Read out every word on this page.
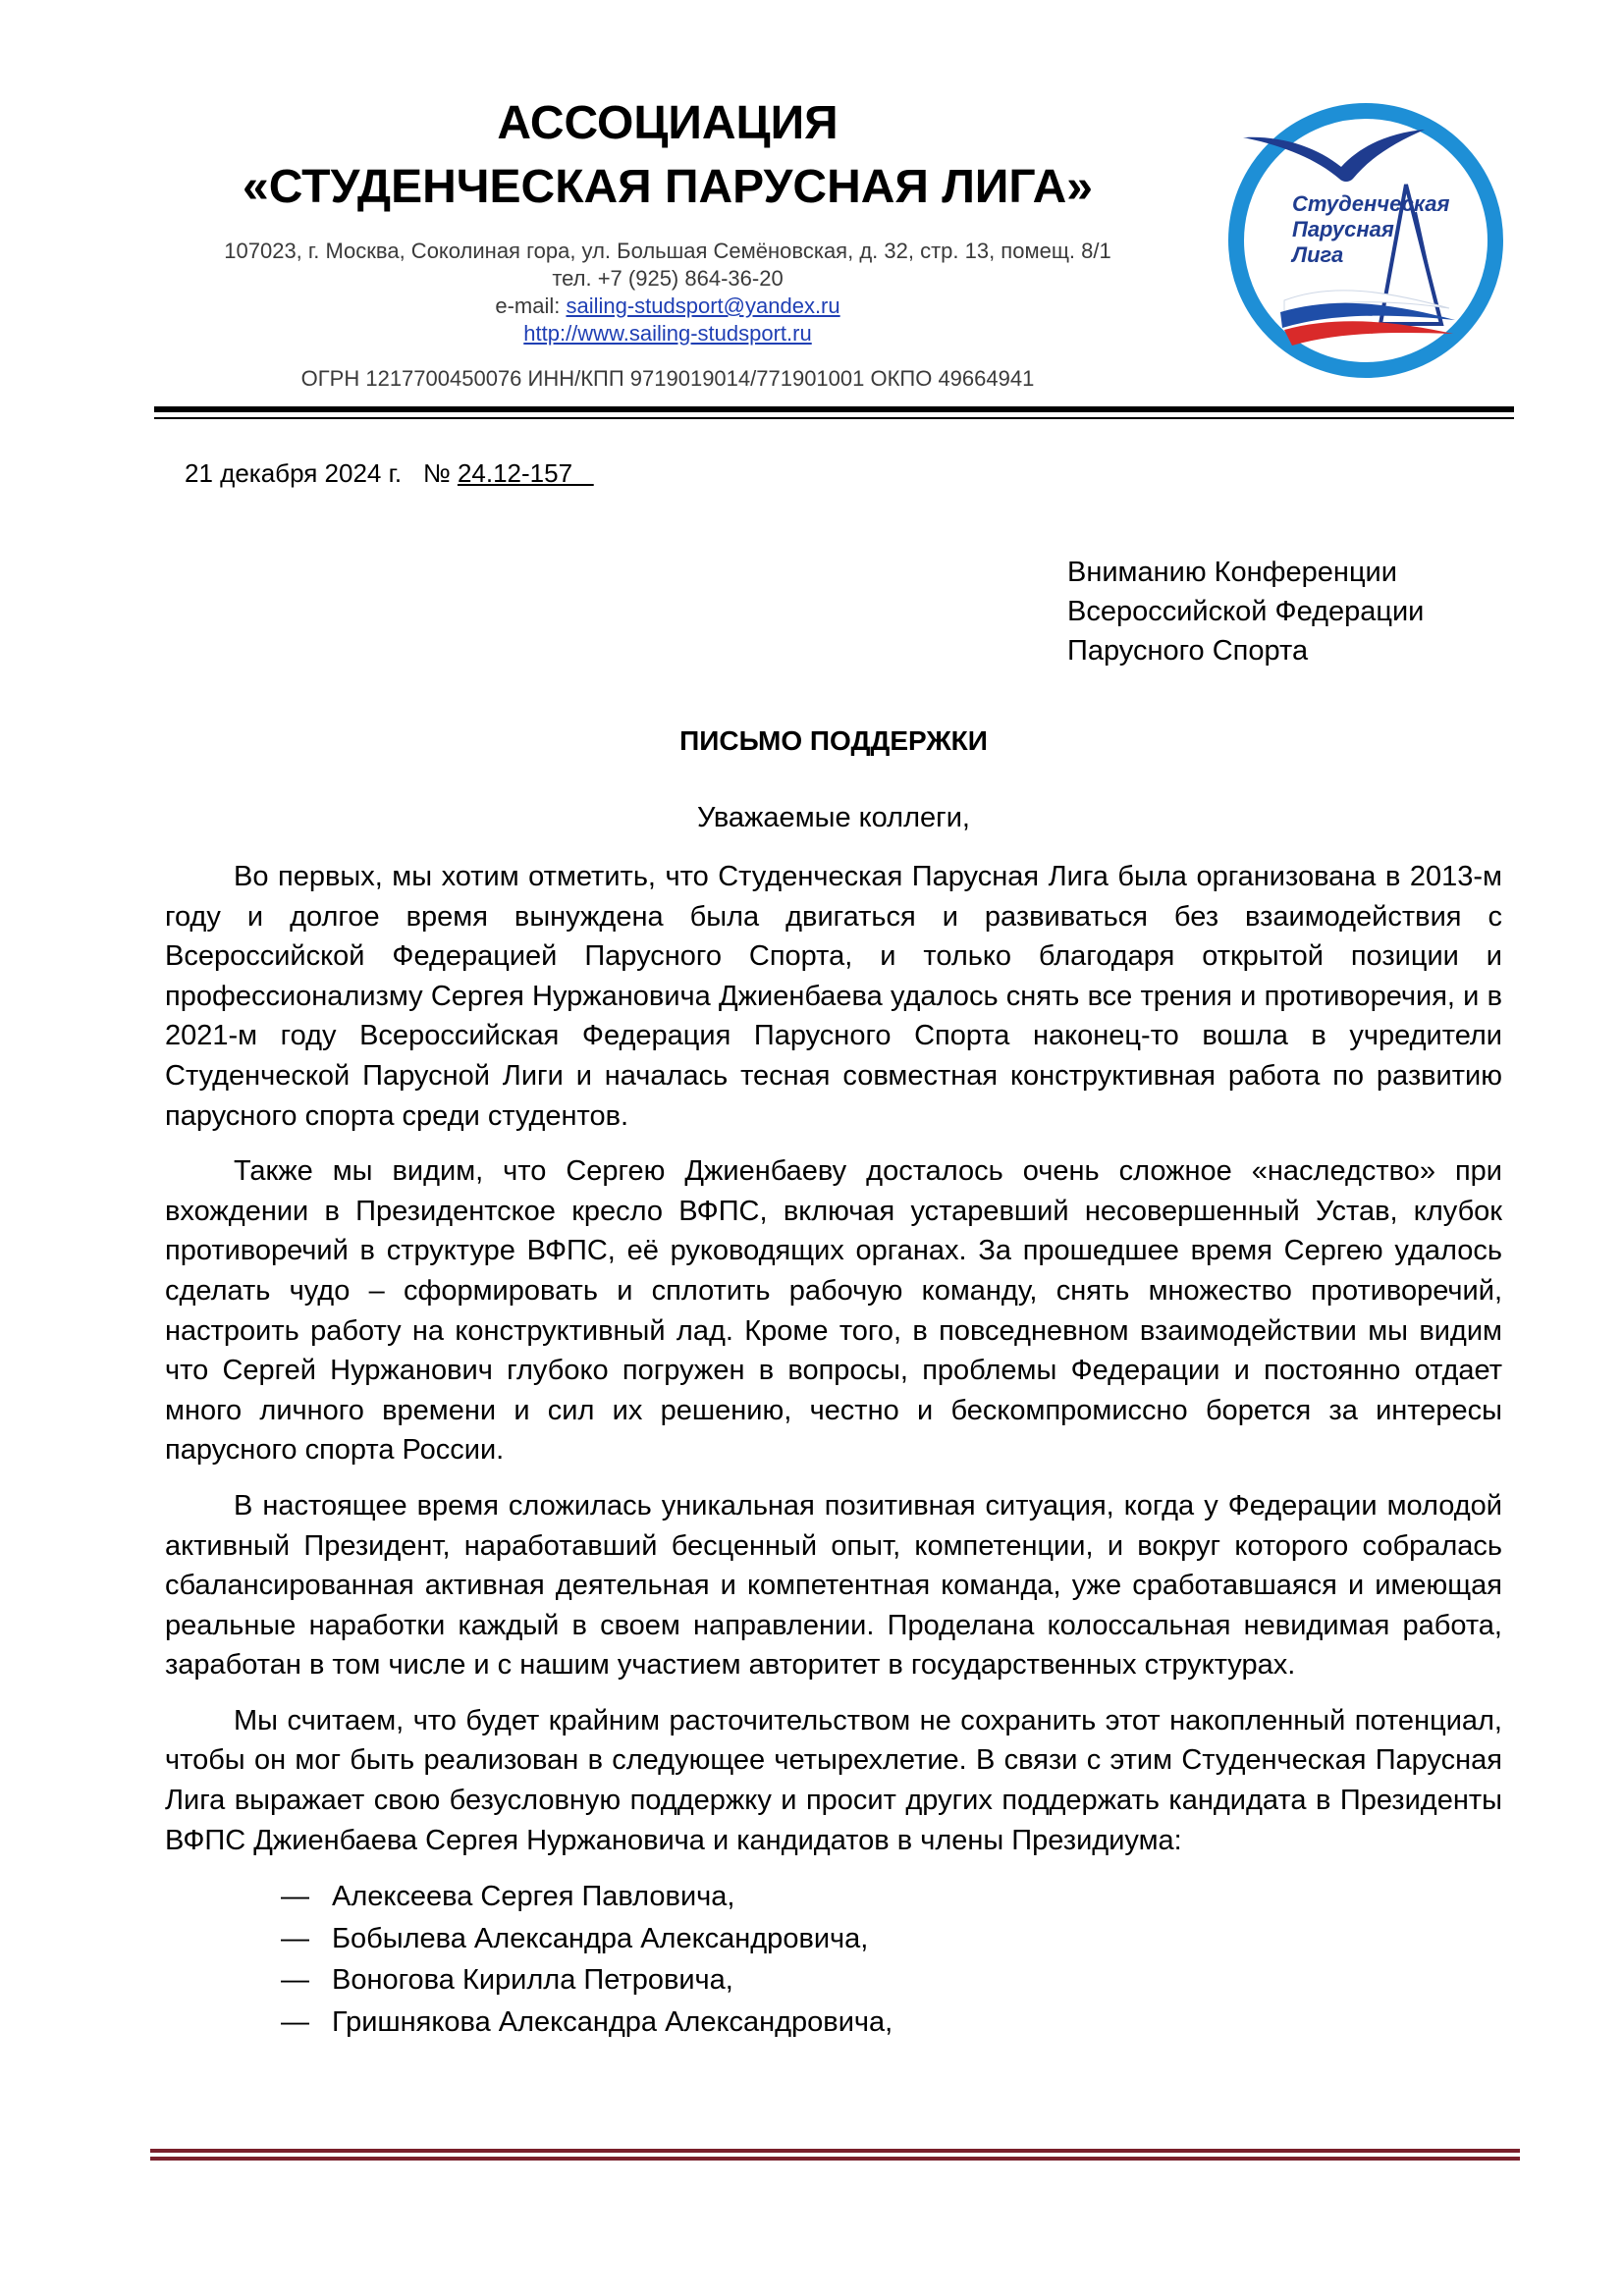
АССОЦИАЦИЯ
«СТУДЕНЧЕСКАЯ ПАРУСНАЯ ЛИГА»
107023, г. Москва, Соколиная гора, ул. Большая Семёновская, д. 32, стр. 13, помещ. 8/1
тел. +7 (925) 864-36-20
e-mail: sailing-studsport@yandex.ru
http://www.sailing-studsport.ru
ОГРН 1217700450076 ИНН/КПП 9719019014/771901001 ОКПО 49664941
Студенческая
Парусная
Лига
21 декабря 2024 г. № 24.12-157
Вниманию Конференции
Всероссийской Федерации
Парусного Спорта
ПИСЬМО ПОДДЕРЖКИ
Уважаемые коллеги,

Во первых, мы хотим отметить, что Студенческая Парусная Лига была организована в 2013-м году и долгое время вынуждена была двигаться и развиваться без взаимодействия с Всероссийской Федерацией Парусного Спорта, и только благодаря открытой позиции и профессионализму Сергея Нуржановича Джиенбаева удалось снять все трения и противоречия, и в 2021-м году Всероссийская Федерация Парусного Спорта наконец-то вошла в учредители Студенческой Парусной Лиги и началась тесная совместная конструктивная работа по развитию парусного спорта среди студентов.

Также мы видим, что Сергею Джиенбаеву досталось очень сложное «наследство» при вхождении в Президентское кресло ВФПС, включая устаревший несовершенный Устав, клубок противоречий в структуре ВФПС, её руководящих органах. За прошедшее время Сергею удалось сделать чудо – сформировать и сплотить рабочую команду, снять множество противоречий, настроить работу на конструктивный лад. Кроме того, в повседневном взаимодействии мы видим что Сергей Нуржанович глубоко погружен в вопросы, проблемы Федерации и постоянно отдает много личного времени и сил их решению, честно и бескомпромиссно борется за интересы парусного спорта России.

В настоящее время сложилась уникальная позитивная ситуация, когда у Федерации молодой активный Президент, наработавший бесценный опыт, компетенции, и вокруг которого собралась сбалансированная активная деятельная и компетентная команда, уже сработавшаяся и имеющая реальные наработки каждый в своем направлении. Проделана колоссальная невидимая работа, заработан в том числе и с нашим участием авторитет в государственных структурах.

Мы считаем, что будет крайним расточительством не сохранить этот накопленный потенциал, чтобы он мог быть реализован в следующее четырехлетие. В связи с этим Студенческая Парусная Лига выражает свою безусловную поддержку и просит других поддержать кандидата в Президенты ВФПС Джиенбаева Сергея Нуржановича и кандидатов в члены Президиума:

— Алексеева Сергея Павловича,
— Бобылева Александра Александровича,
— Воногова Кирилла Петровича,
— Гришнякова Александра Александровича,
